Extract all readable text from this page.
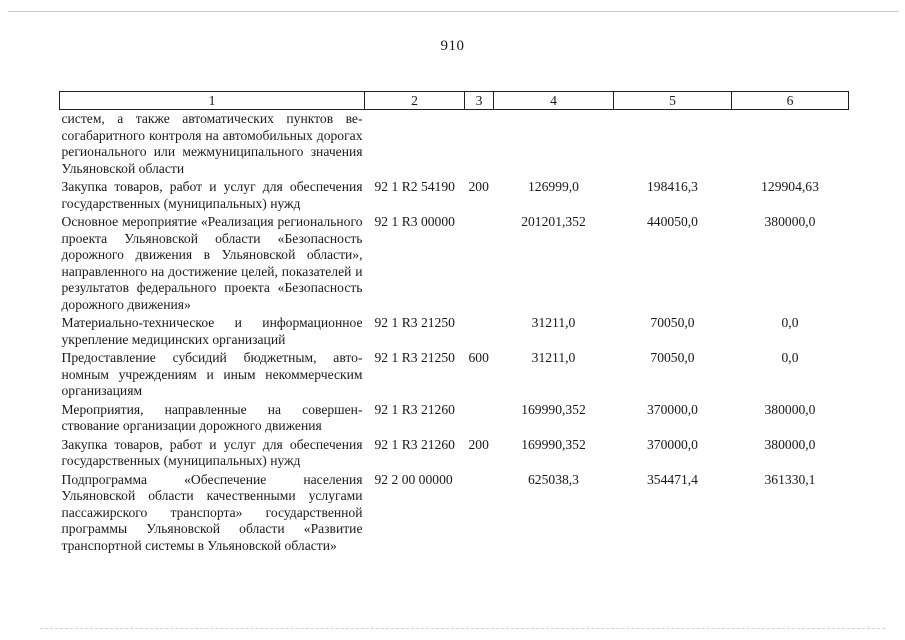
910
1	2	3	4	5	6
систем, а также автоматических пунктов весогабаритного контроля на автомобильных дорогах регионального или межмуниципального значения Ульяновской области					
Закупка товаров, работ и услуг для обеспечения государственных (муниципальных) нужд	92 1 R2 54190	200	126999,0	198416,3	129904,63
Основное мероприятие «Реализация регионального проекта Ульяновской области «Безопасность дорожного движения в Ульяновской области», направленного на достижение целей, показателей и результатов федерального проекта «Безопасность дорожного движения»	92 1 R3 00000		201201,352	440050,0	380000,0
Материально-техническое и информационное укрепление медицинских организаций	92 1 R3 21250		31211,0	70050,0	0,0
Предоставление субсидий бюджетным, автономным учреждениям и иным некоммерческим организациям	92 1 R3 21250	600	31211,0	70050,0	0,0
Мероприятия, направленные на совершенствование организации дорожного движения	92 1 R3 21260		169990,352	370000,0	380000,0
Закупка товаров, работ и услуг для обеспечения государственных (муниципальных) нужд	92 1 R3 21260	200	169990,352	370000,0	380000,0
Подпрограмма «Обеспечение населения Ульяновской области качественными услугами пассажирского транспорта» государственной программы Ульяновской области «Развитие транспортной системы в Ульяновской области»	92 2 00 00000		625038,3	354471,4	361330,1
